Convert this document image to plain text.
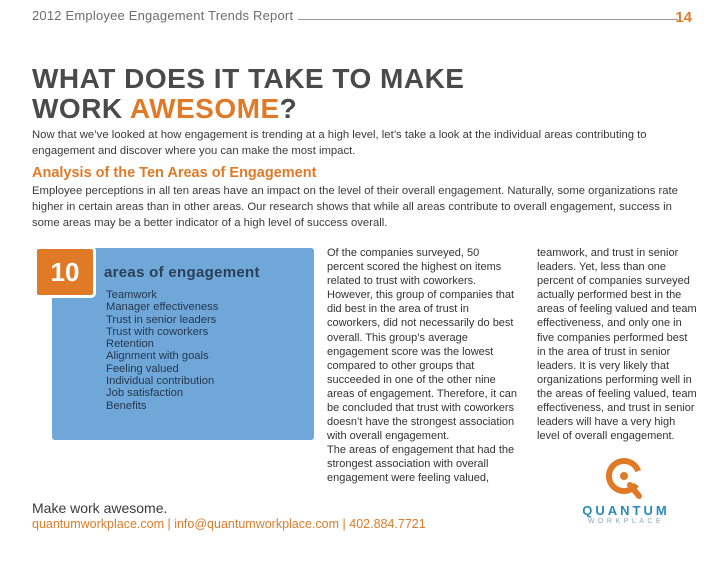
2012 Employee Engagement Trends Report	14
WHAT DOES IT TAKE TO MAKE
WORK AWESOME?

Now that we’ve looked at how engagement is trending at a high level, let’s take a look at the individual areas contributing to engagement and discover where you can make the most impact.

Analysis of the Ten Areas of Engagement

Employee perceptions in all ten areas have an impact on the level of their overall engagement. Naturally, some organizations rate higher in certain areas than in other areas. Our research shows that while all areas contribute to overall engagement, success in some areas may be a better indicator of a high level of success overall.

10	areas of engagement
Teamwork
Manager effectiveness
Trust in senior leaders
Trust with coworkers
Retention
Alignment with goals
Feeling valued
Individual contribution
Job satisfaction
Benefits

Of the companies surveyed, 50 percent scored the highest on items related to trust with coworkers. However, this group of companies that did best in the area of trust in coworkers, did not necessarily do best overall. This group’s average engagement score was the lowest compared to other groups that succeeded in one of the other nine areas of engagement. Therefore, it can be concluded that trust with coworkers doesn’t have the strongest association with overall engagement.

The areas of engagement that had the strongest association with overall engagement were feeling valued,

teamwork, and trust in senior leaders. Yet, less than one percent of companies surveyed actually performed best in the areas of feeling valued and team effectiveness, and only one in five companies performed best in the area of trust in senior leaders. It is very likely that organizations performing well in the areas of feeling valued, team effectiveness, and trust in senior leaders will have a very high level of overall engagement.

QUANTUM
WORKPLACE

Make work awesome.

quantumworkplace.com | info@quantumworkplace.com | 402.884.7721
